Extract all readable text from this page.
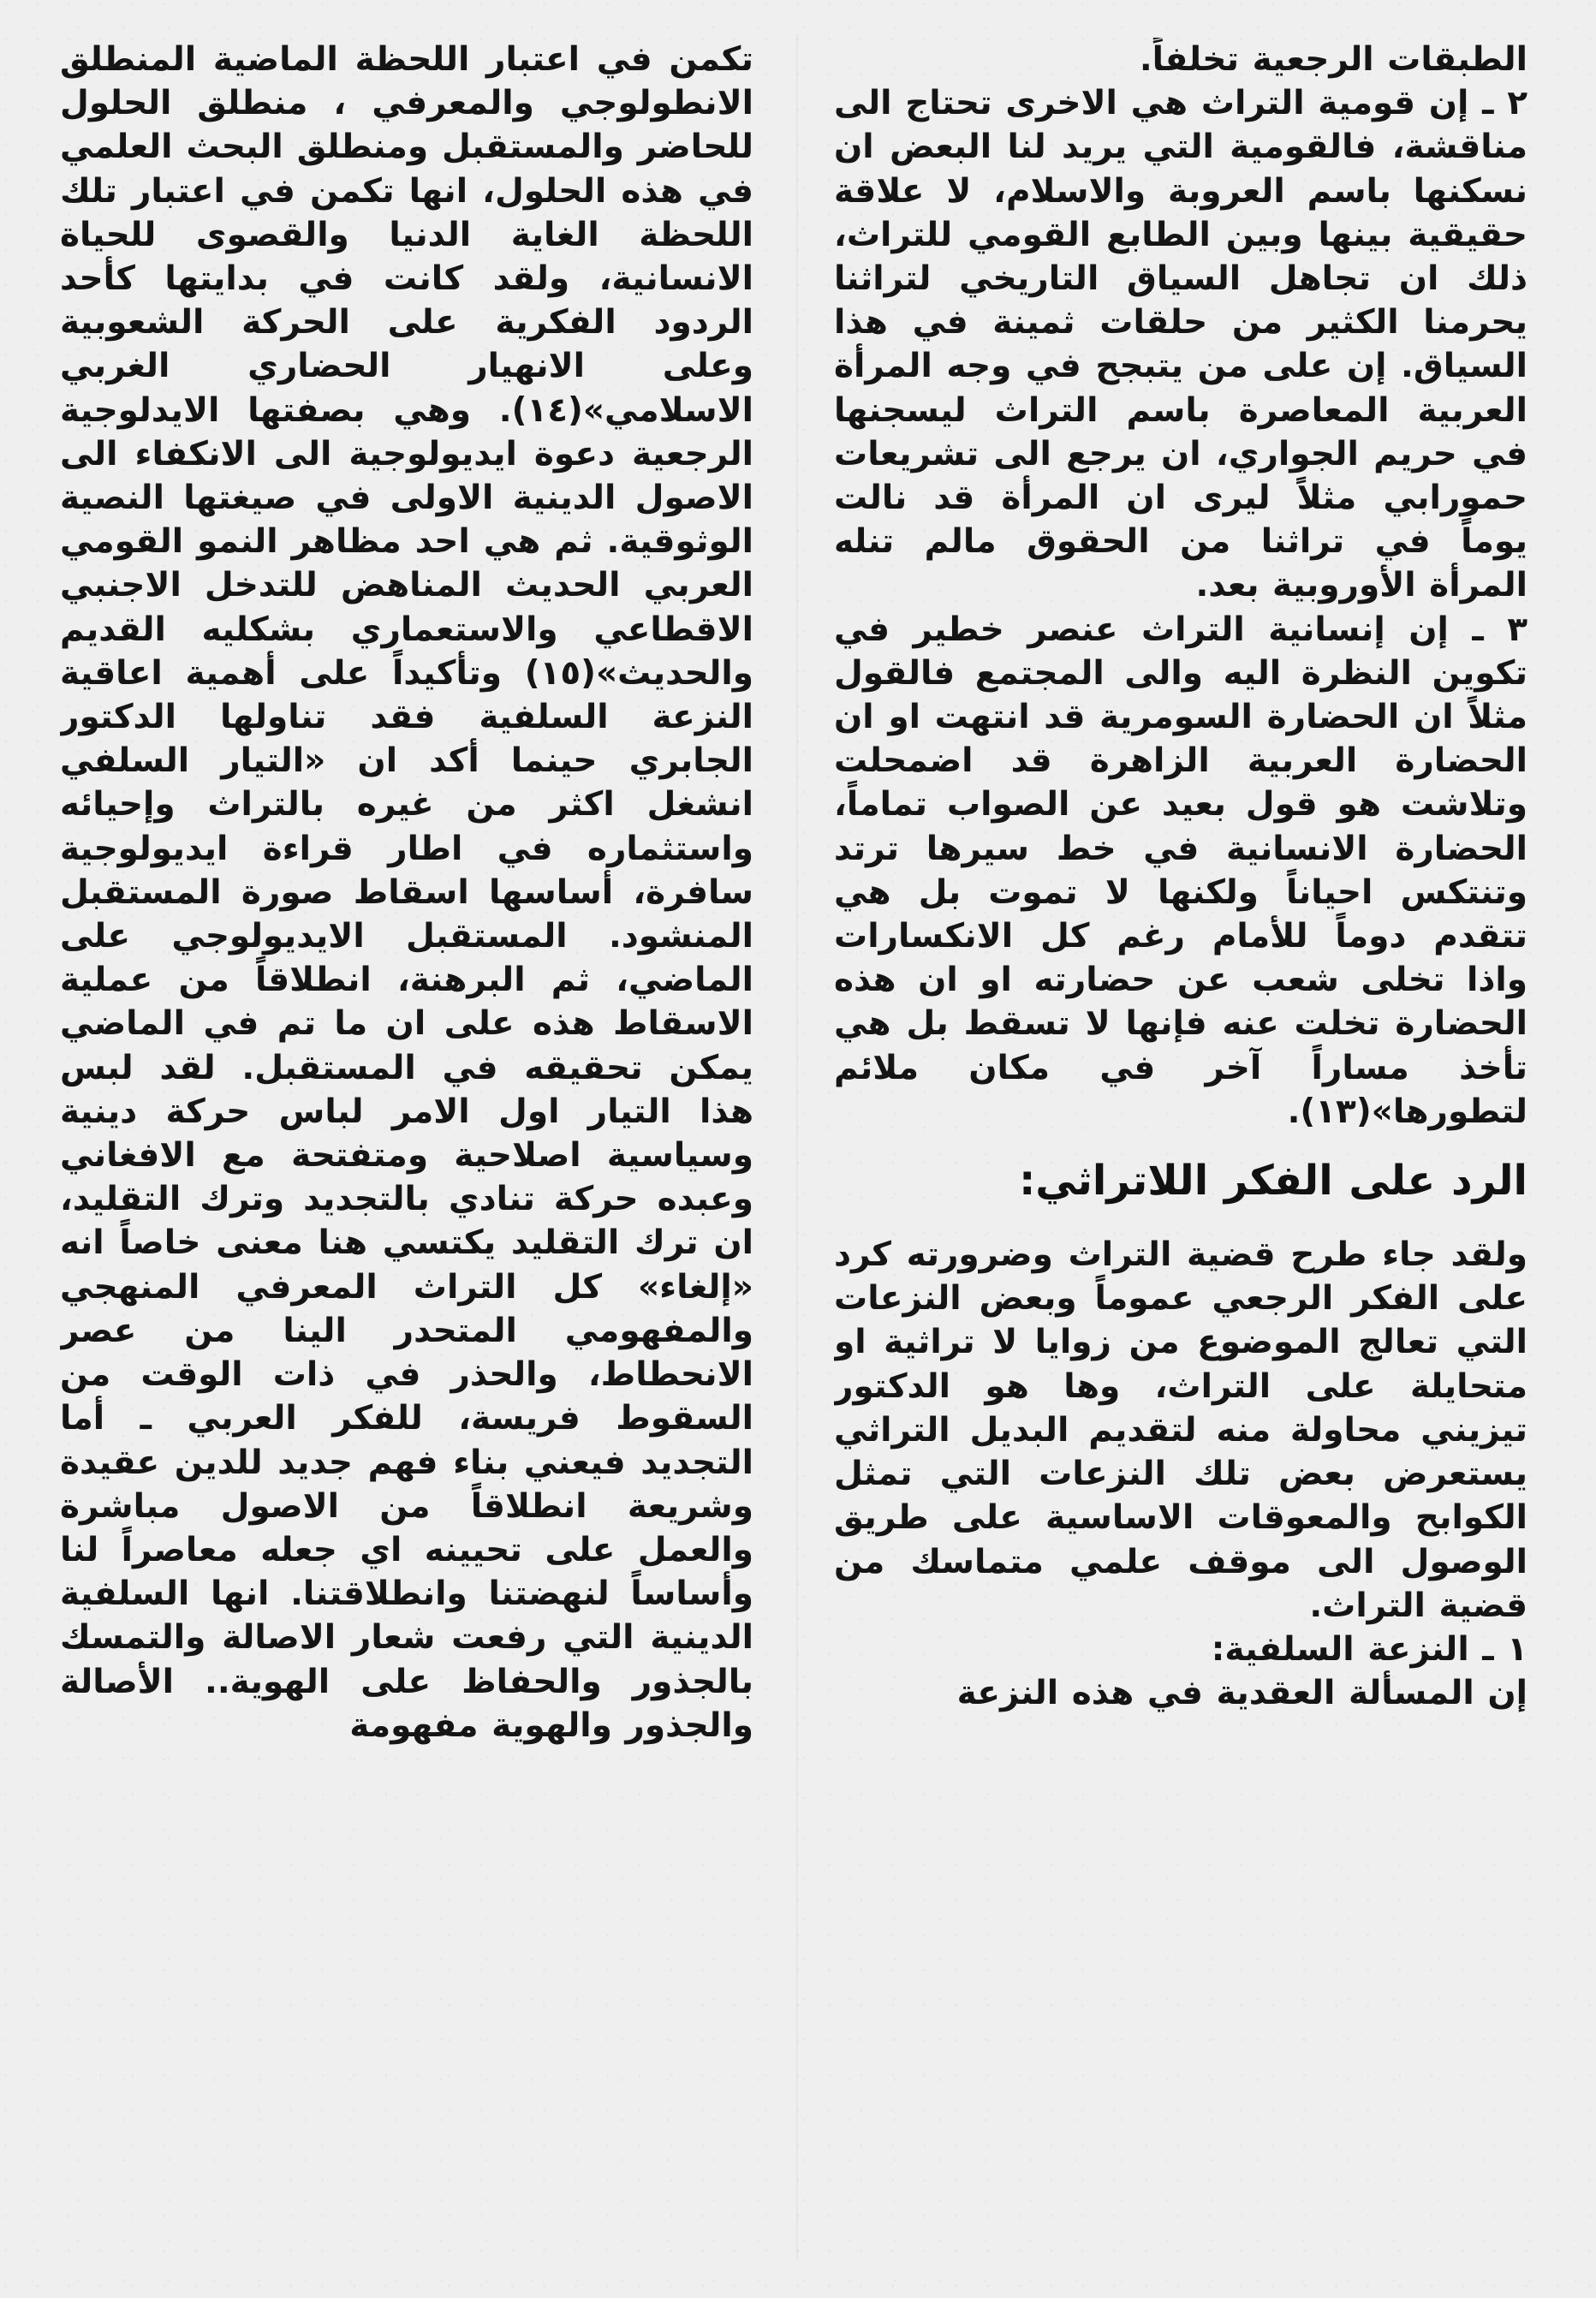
الطبقات الرجعية تخلفاً.

٢ ـ إن قومية التراث هي الاخرى تحتاج الى مناقشة، فالقومية التي يريد لنا البعض ان نسكنها باسم العروبة والاسلام، لا علاقة حقيقية بينها وبين الطابع القومي للتراث، ذلك ان تجاهل السياق التاريخي لتراثنا يحرمنا الكثير من حلقات ثمينة في هذا السياق. إن على من يتبجح في وجه المرأة العربية المعاصرة باسم التراث ليسجنها في حريم الجواري، ان يرجع الى تشريعات حمورابي مثلاً ليرى ان المرأة قد نالت يوماً في تراثنا من الحقوق مالم تنله المرأة الأوروبية بعد.

٣ ـ إن إنسانية التراث عنصر خطير في تكوين النظرة اليه والى المجتمع فالقول مثلاً ان الحضارة السومرية قد انتهت او ان الحضارة العربية الزاهرة قد اضمحلت وتلاشت هو قول بعيد عن الصواب تماماً، الحضارة الانسانية في خط سيرها ترتد وتنتكس احياناً ولكنها لا تموت بل هي تتقدم دوماً للأمام رغم كل الانكسارات واذا تخلى شعب عن حضارته او ان هذه الحضارة تخلت عنه فإنها لا تسقط بل هي تأخذ مساراً آخر في مكان ملائم لتطورها»(١٣).

الرد على الفكر اللاتراثي:

ولقد جاء طرح قضية التراث وضرورته كرد على الفكر الرجعي عموماً وبعض النزعات التي تعالج الموضوع من زوايا لا تراثية او متحايلة على التراث، وها هو الدكتور تيزيني محاولة منه لتقديم البديل التراثي يستعرض بعض تلك النزعات التي تمثل الكوابح والمعوقات الاساسية على طريق الوصول الى موقف علمي متماسك من قضية التراث.

١ ـ النزعة السلفية:

إن المسألة العقدية في هذه النزعة

تكمن في اعتبار اللحظة الماضية المنطلق الانطولوجي والمعرفي ، منطلق الحلول للحاضر والمستقبل ومنطلق البحث العلمي في هذه الحلول، انها تكمن في اعتبار تلك اللحظة الغاية الدنيا والقصوى للحياة الانسانية، ولقد كانت في بدايتها كأحد الردود الفكرية على الحركة الشعوبية وعلى الانهيار الحضاري الغربي الاسلامي»(١٤). وهي بصفتها الايدلوجية الرجعية دعوة ايديولوجية الى الانكفاء الى الاصول الدينية الاولى في صيغتها النصية الوثوقية. ثم هي احد مظاهر النمو القومي العربي الحديث المناهض للتدخل الاجنبي الاقطاعي والاستعماري بشكليه القديم والحديث»(١٥) وتأكيداً على أهمية اعاقية النزعة السلفية فقد تناولها الدكتور الجابري حينما أكد ان «التيار السلفي انشغل اكثر من غيره بالتراث وإحيائه واستثماره في اطار قراءة ايديولوجية سافرة، أساسها اسقاط صورة المستقبل المنشود. المستقبل الايديولوجي على الماضي، ثم البرهنة، انطلاقاً من عملية الاسقاط هذه على ان ما تم في الماضي يمكن تحقيقه في المستقبل. لقد لبس هذا التيار اول الامر لباس حركة دينية وسياسية اصلاحية ومتفتحة مع الافغاني وعبده حركة تنادي بالتجديد وترك التقليد، ان ترك التقليد يكتسي هنا معنى خاصاً انه «إلغاء» كل التراث المعرفي المنهجي والمفهومي المتحدر الينا من عصر الانحطاط، والحذر في ذات الوقت من السقوط فريسة، للفكر العربي ـ أما التجديد فيعني بناء فهم جديد للدين عقيدة وشريعة انطلاقاً من الاصول مباشرة والعمل على تحيينه اي جعله معاصراً لنا وأساساً لنهضتنا وانطلاقتنا. انها السلفية الدينية التي رفعت شعار الاصالة والتمسك بالجذور والحفاظ على الهوية.. الأصالة والجذور والهوية مفهومة
